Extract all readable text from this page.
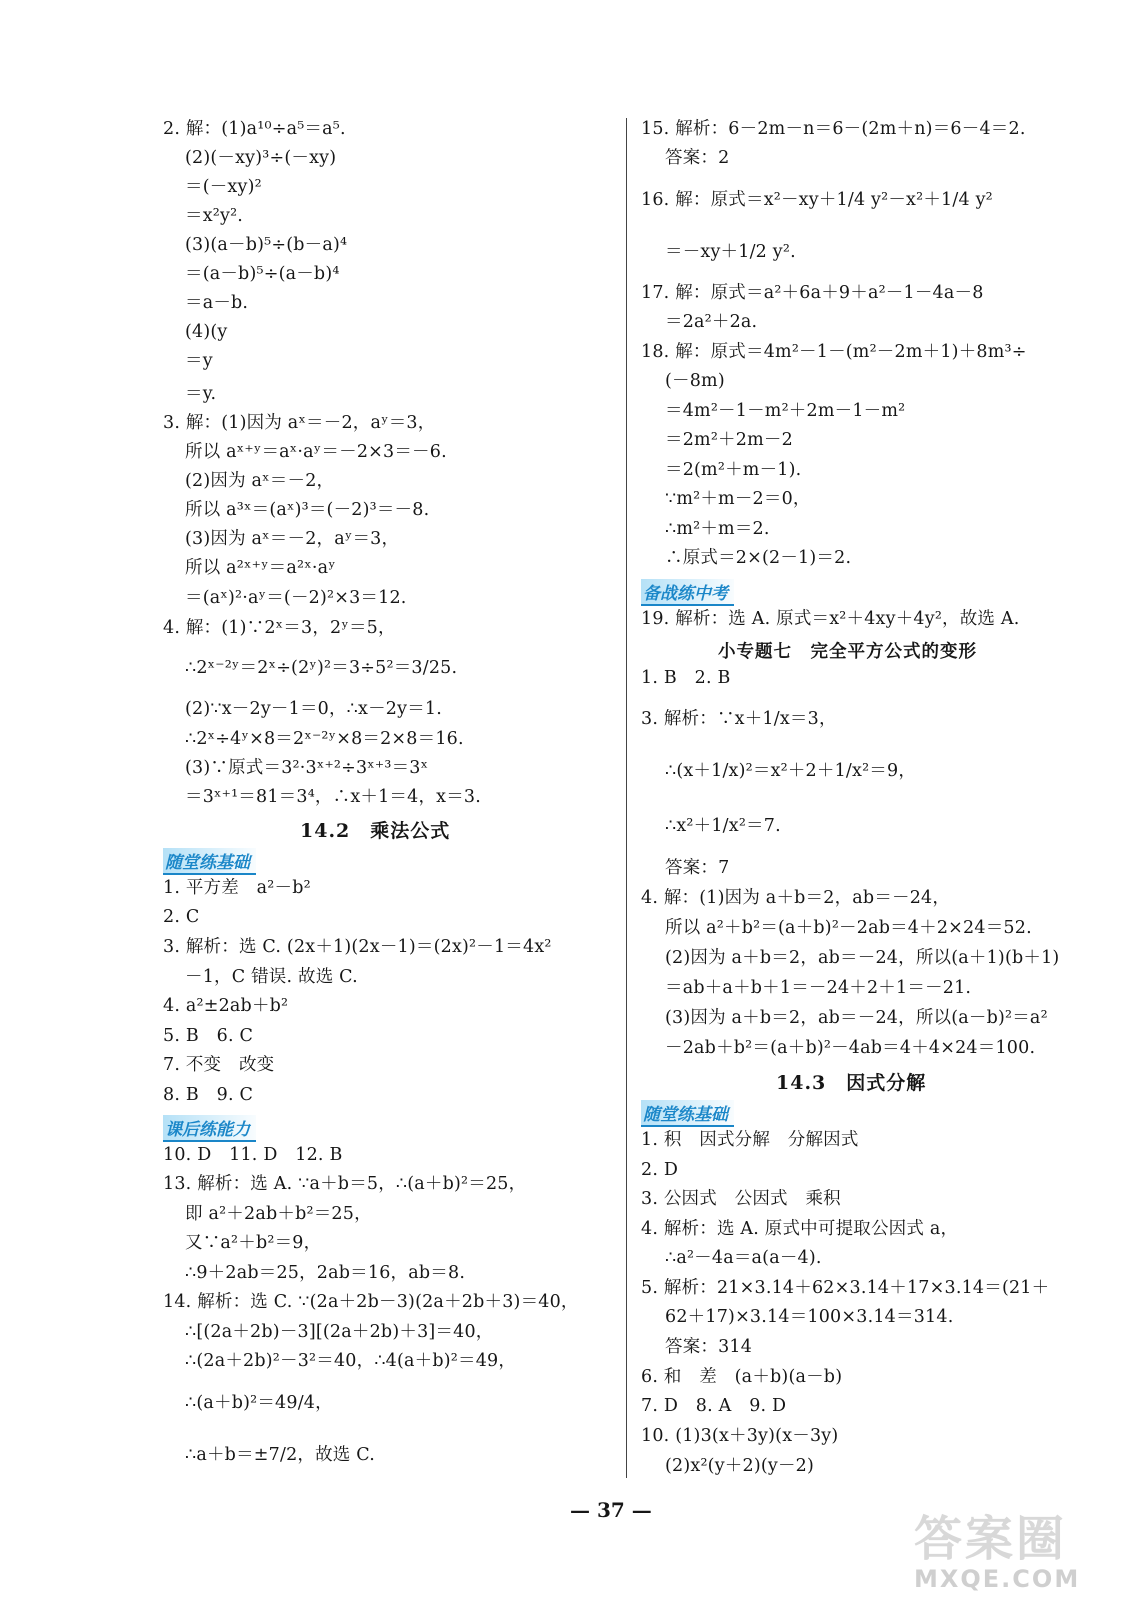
2. 解：(1)a¹⁰÷a⁵＝a⁵.
(2)(－xy)³÷(－xy)
＝(－xy)²
＝x²y².
(3)(a－b)⁵÷(b－a)⁴
＝(a－b)⁵÷(a－b)⁴
＝a－b.
(4)(y
＝y
＝y.
3. 解：(1)因为 aˣ＝－2，aʸ＝3，
所以 aˣ⁺ʸ＝aˣ·aʸ＝－2×3＝－6.
(2)因为 aˣ＝－2，
所以 a³ˣ＝(aˣ)³＝(－2)³＝－8.
(3)因为 aˣ＝－2，aʸ＝3，
所以 a²ˣ⁺ʸ＝a²ˣ·aʸ
＝(aˣ)²·aʸ＝(－2)²×3＝12.
4. 解：(1)∵2ˣ＝3，2ʸ＝5，
∴2ˣ⁻²ʸ＝2ˣ÷(2ʸ)²＝3÷5²＝3/25.
(2)∵x－2y－1＝0，∴x－2y＝1.
∴2ˣ÷4ʸ×8＝2ˣ⁻²ʸ×8＝2×8＝16.
(3)∵原式＝3²·3ˣ⁺²÷3ˣ⁺³＝3ˣ
＝3ˣ⁺¹＝81＝3⁴，∴x＋1＝4，x＝3.
14.2　乘法公式
随堂练基础
1. 平方差　a²－b²
2. C
3. 解析：选 C. (2x＋1)(2x－1)＝(2x)²－1＝4x²
－1，C 错误. 故选 C.
4. a²±2ab＋b²
5. B　6. C
7. 不变　改变
8. B　9. C
课后练能力
10. D　11. D　12. B
13. 解析：选 A. ∵a＋b＝5，∴(a＋b)²＝25，
即 a²＋2ab＋b²＝25，
又∵a²＋b²＝9，
∴9＋2ab＝25，2ab＝16，ab＝8.
14. 解析：选 C. ∵(2a＋2b－3)(2a＋2b＋3)＝40，
∴[(2a＋2b)－3][(2a＋2b)＋3]＝40，
∴(2a＋2b)²－3²＝40，∴4(a＋b)²＝49，
∴(a＋b)²＝49/4，
∴a＋b＝±7/2，故选 C.
15. 解析：6－2m－n＝6－(2m＋n)＝6－4＝2.
答案：2
16. 解：原式＝x²－xy＋1/4 y²－x²＋1/4 y²
＝－xy＋1/2 y².
17. 解：原式＝a²＋6a＋9＋a²－1－4a－8
＝2a²＋2a.
18. 解：原式＝4m²－1－(m²－2m＋1)＋8m³÷
(－8m)
＝4m²－1－m²＋2m－1－m²
＝2m²＋2m－2
＝2(m²＋m－1).
∵m²＋m－2＝0，
∴m²＋m＝2.
∴原式＝2×(2－1)＝2.
备战练中考
19. 解析：选 A. 原式＝x²＋4xy＋4y²，故选 A.
小专题七　完全平方公式的变形
1. B　2. B
3. 解析：∵x＋1/x＝3，
∴(x＋1/x)²＝x²＋2＋1/x²＝9，
∴x²＋1/x²＝7.
答案：7
4. 解：(1)因为 a＋b＝2，ab＝－24，
所以 a²＋b²＝(a＋b)²－2ab＝4＋2×24＝52.
(2)因为 a＋b＝2，ab＝－24，所以(a＋1)(b＋1)
＝ab＋a＋b＋1＝－24＋2＋1＝－21.
(3)因为 a＋b＝2，ab＝－24，所以(a－b)²＝a²
－2ab＋b²＝(a＋b)²－4ab＝4＋4×24＝100.
14.3　因式分解
随堂练基础
1. 积　因式分解　分解因式
2. D
3. 公因式　公因式　乘积
4. 解析：选 A. 原式中可提取公因式 a，
∴a²－4a＝a(a－4).
5. 解析：21×3.14＋62×3.14＋17×3.14＝(21＋
62＋17)×3.14＝100×3.14＝314.
答案：314
6. 和　差　(a＋b)(a－b)
7. D　8. A　9. D
10. (1)3(x＋3y)(x－3y)
(2)x²(y＋2)(y－2)
— 37 —
答案圈
MXQE.COM
